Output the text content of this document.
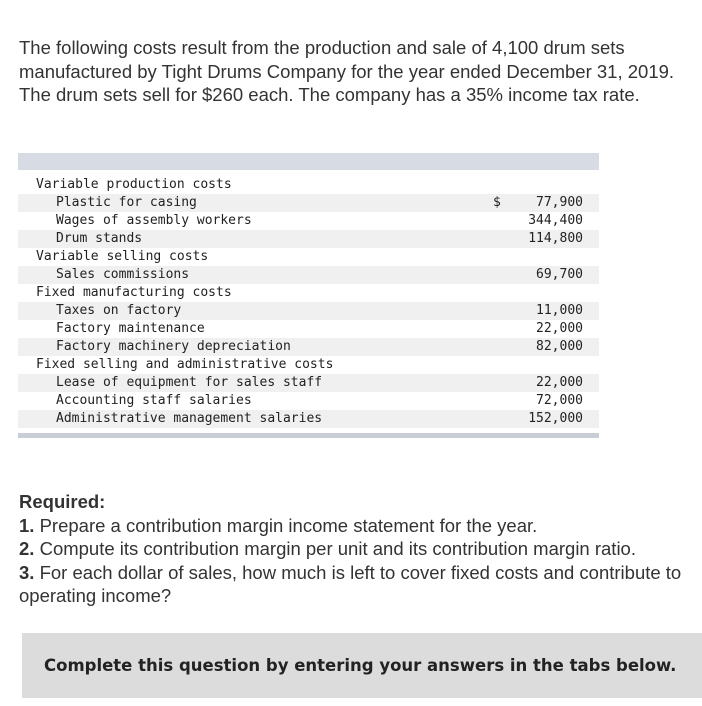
The following costs result from the production and sale of 4,100 drum sets manufactured by Tight Drums Company for the year ended December 31, 2019. The drum sets sell for $260 each. The company has a 35% income tax rate.
Variable production costs
Plastic for casing	$	77,900
Wages of assembly workers	344,400
Drum stands	114,800
Variable selling costs
Sales commissions	69,700
Fixed manufacturing costs
Taxes on factory	11,000
Factory maintenance	22,000
Factory machinery depreciation	82,000
Fixed selling and administrative costs
Lease of equipment for sales staff	22,000
Accounting staff salaries	72,000
Administrative management salaries	152,000
Required:
1. Prepare a contribution margin income statement for the year.
2. Compute its contribution margin per unit and its contribution margin ratio.
3. For each dollar of sales, how much is left to cover fixed costs and contribute to operating income?
Complete this question by entering your answers in the tabs below.
